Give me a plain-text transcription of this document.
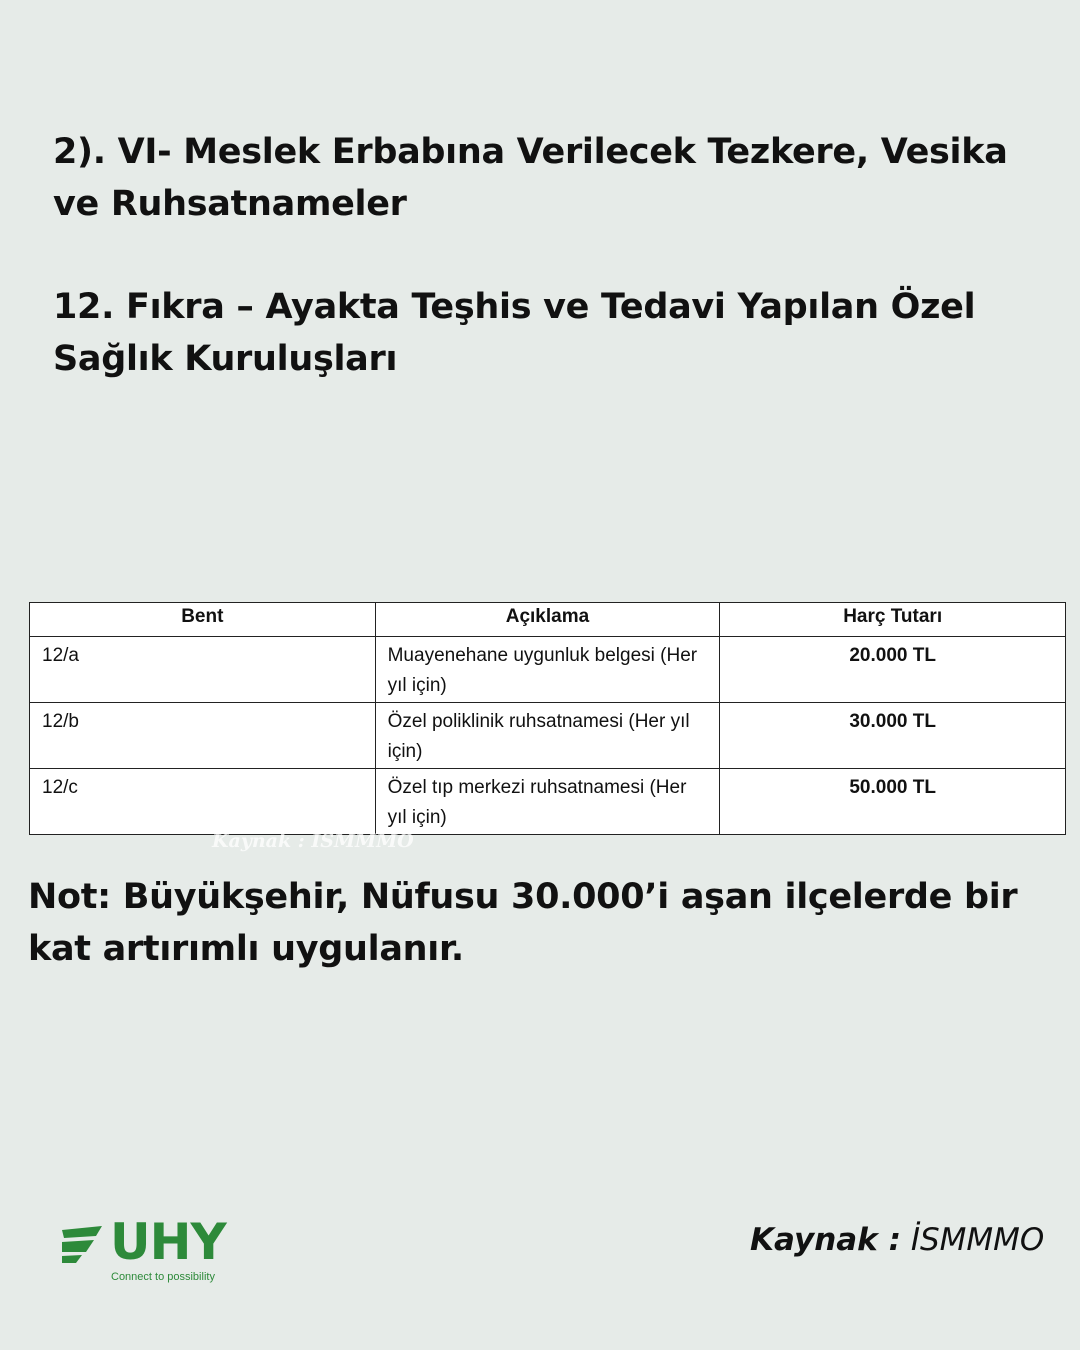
2). VI- Meslek Erbabına Verilecek Tezkere, Vesika ve Ruhsatnameler
12. Fıkra – Ayakta Teşhis ve Tedavi Yapılan Özel Sağlık Kuruluşları
Bent	Açıklama	Harç Tutarı
12/a	Muayenehane uygunluk belgesi (Her yıl için)	20.000 TL
12/b	Özel poliklinik ruhsatnamesi (Her yıl için)	30.000 TL
12/c	Özel tıp merkezi ruhsatnamesi (Her yıl için)	50.000 TL
Kaynak : İSMMMO

Not: Büyükşehir, Nüfusu 30.000’i aşan ilçelerde bir kat artırımlı uygulanır.

UHY
Connect to possibility
Kaynak : İSMMMO
